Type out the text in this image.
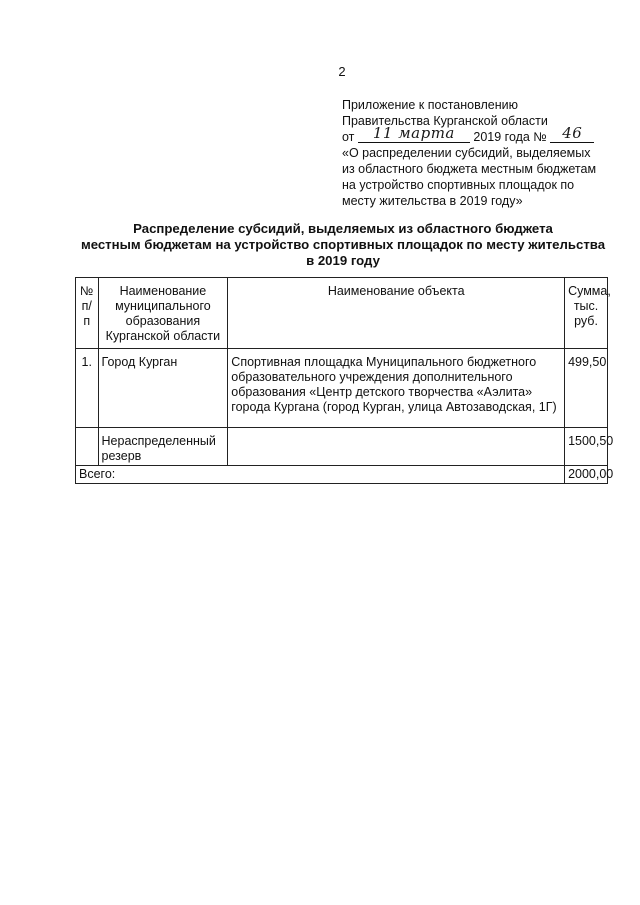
2
Приложение к постановлению
Правительства Курганской области
от 11 марта 2019 года № 46
«О распределении субсидий, выделяемых
из областного бюджета местным бюджетам
на устройство спортивных площадок по
месту жительства в 2019 году»
Распределение субсидий, выделяемых из областного бюджета
местным бюджетам на устройство спортивных площадок по месту жительства
в 2019 году
№ п/п	Наименование муниципального образования Курганской области	Наименование объекта	Сумма, тыс. руб.
1.	Город Курган	Спортивная площадка Муниципального бюджетного образовательного учреждения дополнительного образования «Центр детского творчества «Аэлита» города Кургана (город Курган, улица Автозаводская, 1Г)	499,50
	Нераспределенный резерв		1500,50
Всего:			2000,00
